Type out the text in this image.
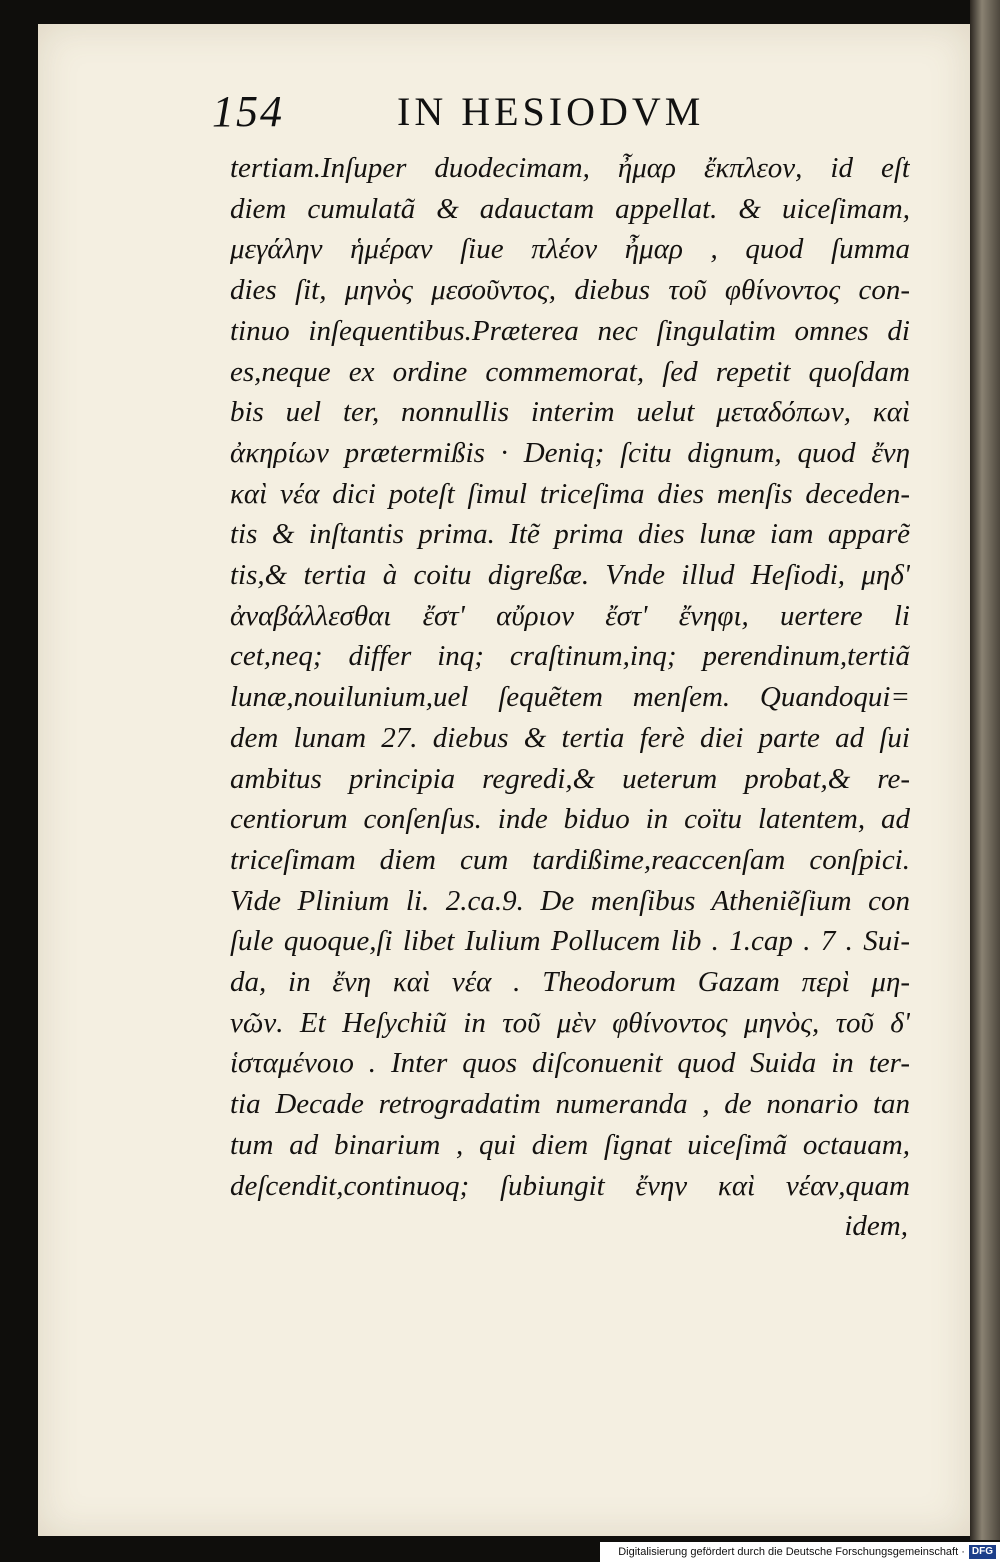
154	IN HESIODVM
tertiam.Inſuper duodecimam, ἦμαρ ἔκπλεον, id eſt
diem cumulatã & adauctam appellat. & uiceſimam,
μεγάλην ἡμέραν ſiue πλέον ἦμαρ , quod ſumma
dies ſit, μηνὸς μεσοῦντος, diebus τοῦ φθίνοντος con-
tinuo inſequentibus.Præterea nec ſingulatim omnes di
es,neque ex ordine commemorat, ſed repetit quoſdam
bis uel ter, nonnullis interim uelut μεταδόπων, καὶ
ἀκηρίων prætermißis · Deniq; ſcitu dignum, quod ἔνη
καὶ νέα dici poteſt ſimul triceſima dies menſis deceden-
tis & inſtantis prima. Itẽ prima dies lunæ iam apparẽ
tis,& tertia à coitu digreßæ. Vnde illud Heſiodi, μηδ'
ἀναβάλλεσθαι ἔστ' αὔριον ἔστ' ἔνηφι, uertere li
cet,neq; differ inq; craſtinum,inq; perendinum,tertiã
lunæ,nouilunium,uel ſequẽtem menſem. Quandoqui=
dem lunam 27. diebus & tertia ferè diei parte ad ſui
ambitus principia regredi,& ueterum probat,& re-
centiorum conſenſus. inde biduo in coïtu latentem, ad
triceſimam diem cum tardißime,reaccenſam conſpici.
Vide Plinium li. 2.ca.9. De menſibus Atheniẽſium con
ſule quoque,ſi libet Iulium Pollucem lib . 1.cap . 7 . Sui-
da, in ἔνη καὶ νέα . Theodorum Gazam περὶ μη-
νῶν. Et Heſychiũ in τοῦ μὲν φθίνοντος μηνὸς, τοῦ δ'
ἱσταμένοιο . Inter quos diſconuenit quod Suida in ter-
tia Decade retrogradatim numeranda , de nonario tan
tum ad binarium , qui diem ſignat uiceſimã octauam,
deſcendit,continuoq; ſubiungit ἔνην καὶ νέαν,quam
idem,
Digitalisierung gefördert durch die Deutsche Forschungsgemeinschaft · DFG
